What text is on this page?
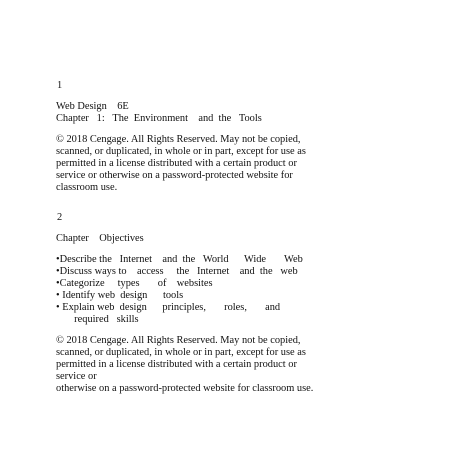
1
Web Design    6E
Chapter   1:   The  Environment    and  the   Tools
© 2018 Cengage. All Rights Reserved. May not be copied,
scanned, or duplicated, in whole or in part, except for use as
permitted in a license distributed with a certain product or
service or otherwise on a password-protected website for
classroom use.
2
Chapter    Objectives
•Describe the   Internet    and  the   World      Wide       Web
•Discuss ways to    access     the   Internet    and  the   web
•Categorize     types       of    websites
• Identify web  design      tools
• Explain web  design      principles,       roles,       and
required   skills
© 2018 Cengage. All Rights Reserved. May not be copied,
scanned, or duplicated, in whole or in part, except for use as
permitted in a license distributed with a certain product or
service or
otherwise on a password-protected website for classroom use.
